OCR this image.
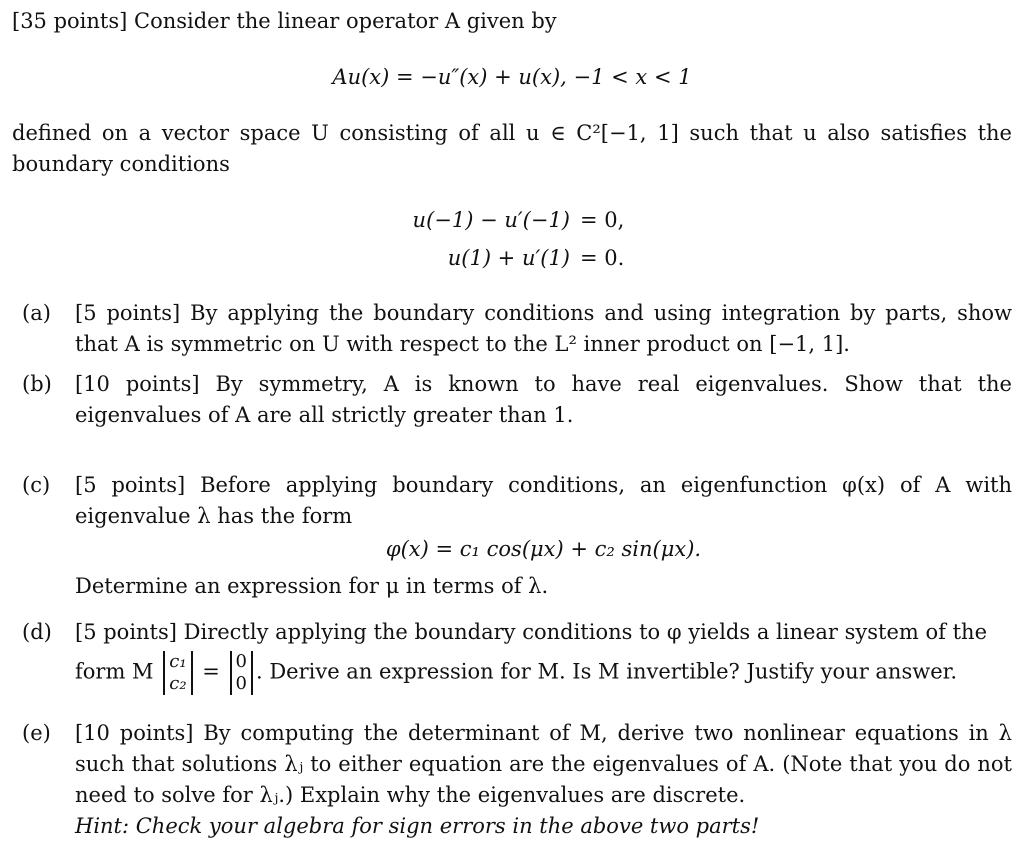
[35 points] Consider the linear operator A given by

Au(x) = −u″(x) + u(x), −1 < x < 1

defined on a vector space U consisting of all u ∈ C²[−1, 1] such that u also satisfies the boundary conditions

u(−1) − u′(−1) = 0,
u(1) + u′(1) = 0.
(a)	[5 points] By applying the boundary conditions and using integration by parts, show that A is symmetric on U with respect to the L² inner product on [−1, 1].

(b)	[10 points] By symmetry, A is known to have real eigenvalues. Show that the eigenvalues of A are all strictly greater than 1.

(c)	[5 points] Before applying boundary conditions, an eigenfunction φ(x) of A with eigenvalue λ has the form

φ(x) = c₁ cos(μx) + c₂ sin(μx).

Determine an expression for μ in terms of λ.

(d)	[5 points] Directly applying the boundary conditions to φ yields a linear system of the

form M c₁
c₂ = 0
0 . Derive an expression for M. Is M invertible? Justify your answer.

(e)	[10 points] By computing the determinant of M, derive two nonlinear equations in λ such that solutions λⱼ to either equation are the eigenvalues of A. (Note that you do not need to solve for λⱼ.) Explain why the eigenvalues are discrete.

Hint: Check your algebra for sign errors in the above two parts!
